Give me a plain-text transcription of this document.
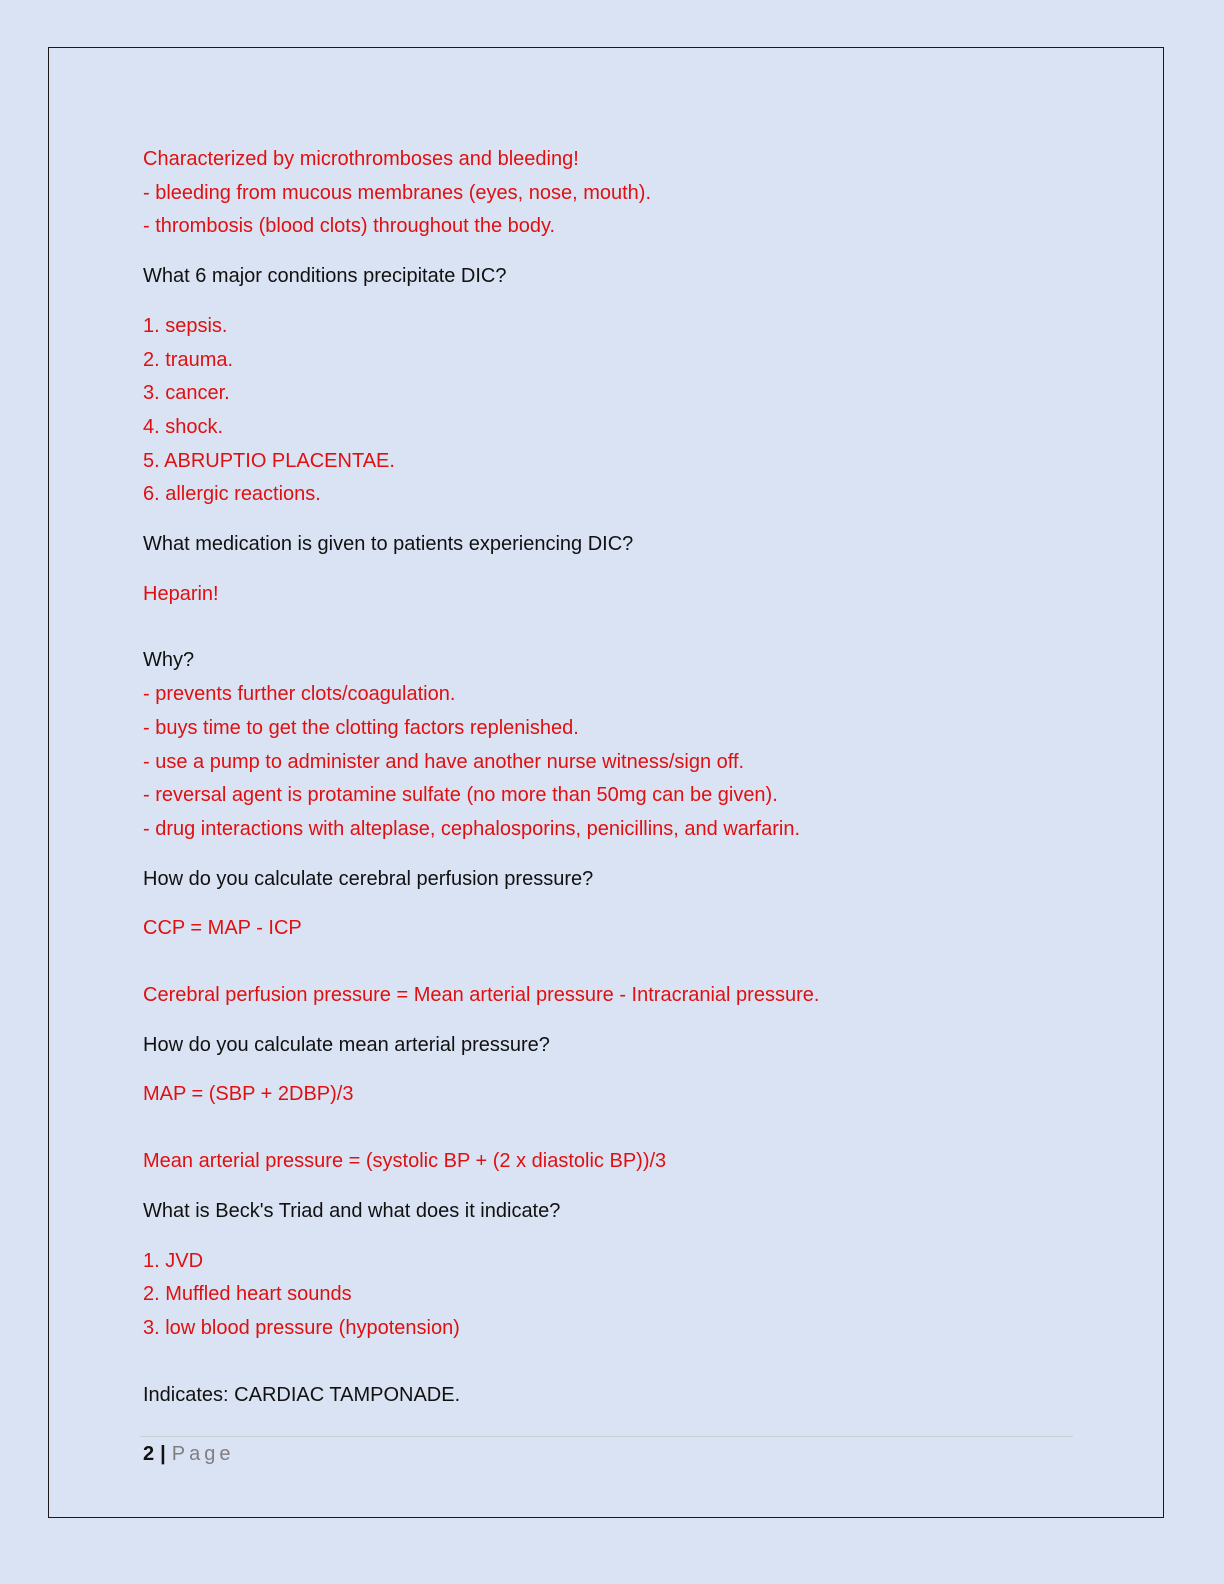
Characterized by microthromboses and bleeding!

- bleeding from mucous membranes (eyes, nose, mouth).

- thrombosis (blood clots) throughout the body.

What 6 major conditions precipitate DIC?

1. sepsis.

2. trauma.

3. cancer.

4. shock.

5. ABRUPTIO PLACENTAE.

6. allergic reactions.

What medication is given to patients experiencing DIC?

Heparin!

Why?

- prevents further clots/coagulation.

- buys time to get the clotting factors replenished.

- use a pump to administer and have another nurse witness/sign off.

- reversal agent is protamine sulfate (no more than 50mg can be given).

- drug interactions with alteplase, cephalosporins, penicillins, and warfarin.

How do you calculate cerebral perfusion pressure?

CCP = MAP - ICP

Cerebral perfusion pressure = Mean arterial pressure - Intracranial pressure.

How do you calculate mean arterial pressure?

MAP = (SBP + 2DBP)/3

Mean arterial pressure = (systolic BP + (2 x diastolic BP))/3

What is Beck's Triad and what does it indicate?

1. JVD

2. Muffled heart sounds

3. low blood pressure (hypotension)

Indicates: CARDIAC TAMPONADE.

2 | Page
